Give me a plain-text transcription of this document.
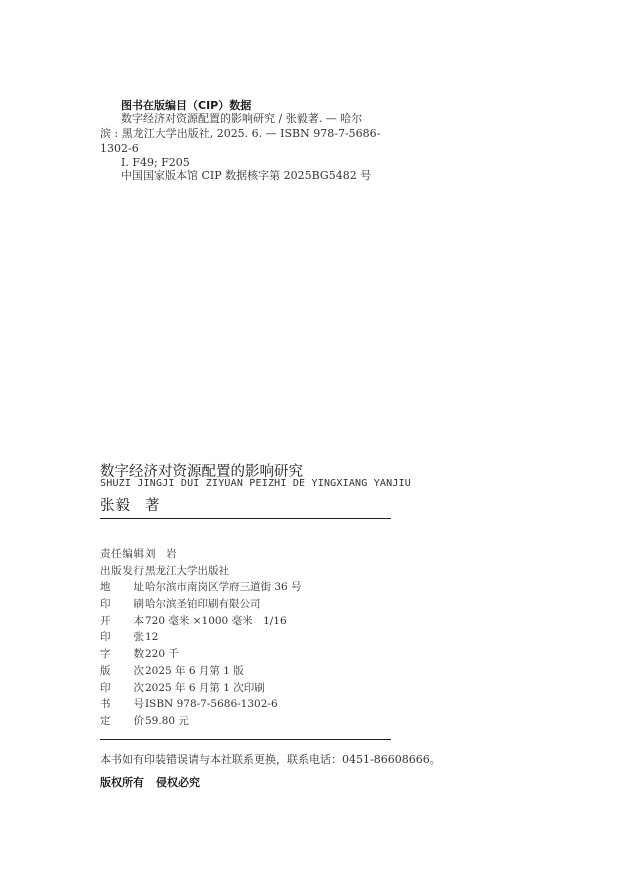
图书在版编目（CIP）数据
数字经济对资源配置的影响研究 / 张毅著. — 哈尔
滨 : 黑龙江大学出版社, 2025. 6. — ISBN 978-7-5686-
1302-6
Ⅰ. F49; F205
中国国家版本馆 CIP 数据核字第 2025BG5482 号
数字经济对资源配置的影响研究
SHUZI JINGJI DUI ZIYUAN PEIZHI DE YINGXIANG YANJIU
张毅 著
责 任 编 辑 刘　岩
出 版 发 行 黑龙江大学出版社
地 址 哈尔滨市南岗区学府三道街 36 号
印 刷 哈尔滨圣铂印刷有限公司
开 本 720 毫米 ×1000 毫米　1/16
印 张 12
字 数 220 千
版 次 2025 年 6 月第 1 版
印 次 2025 年 6 月第 1 次印刷
书 号 ISBN 978-7-5686-1302-6
定 价 59.80 元
本书如有印装错误请与本社联系更换，联系电话：0451-86608666。
版权所有 侵权必究
